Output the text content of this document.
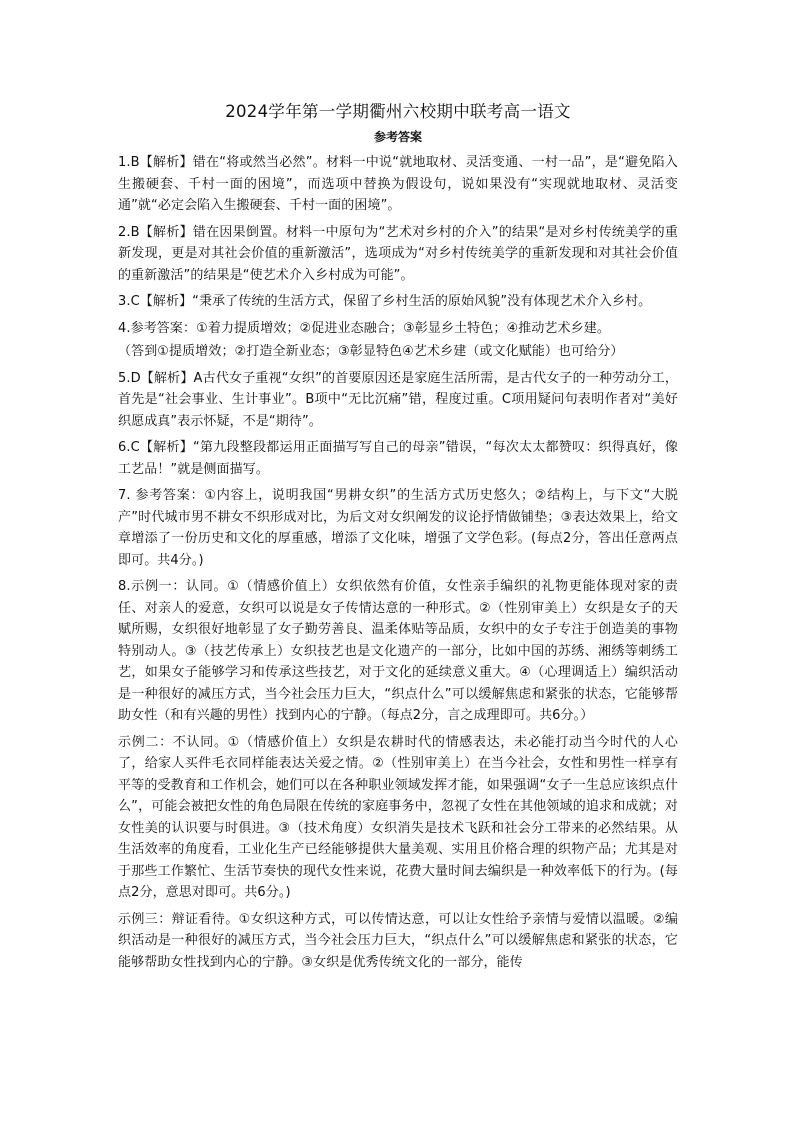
2024学年第一学期衢州六校期中联考高一语文
参考答案

1.B【解析】错在“将或然当必然”。材料一中说“就地取材、灵活变通、一村一品”，是“避免陷入生搬硬套、千村一面的困境”，而选项中替换为假设句，说如果没有“实现就地取材、灵活变通”就“必定会陷入生搬硬套、千村一面的困境”。

2.B【解析】错在因果倒置。材料一中原句为“艺术对乡村的介入”的结果“是对乡村传统美学的重新发现，更是对其社会价值的重新激活”，选项成为“对乡村传统美学的重新发现和对其社会价值的重新激活”的结果是“使艺术介入乡村成为可能”。

3.C【解析】“秉承了传统的生活方式，保留了乡村生活的原始风貌”没有体现艺术介入乡村。

4.参考答案：①着力提质增效；②促进业态融合；③彰显乡土特色；④推动艺术乡建。

（答到①提质增效；②打造全新业态；③彰显特色④艺术乡建（或文化赋能）也可给分）

5.D【解析】A古代女子重视“女织”的首要原因还是家庭生活所需，是古代女子的一种劳动分工，首先是“社会事业、生计事业”。B项中“无比沉痛”错，程度过重。C项用疑问句表明作者对“美好织愿成真”表示怀疑，不是“期待”。

6.C【解析】“第九段整段都运用正面描写写自己的母亲”错误，“每次太太都赞叹：织得真好，像工艺品！”就是侧面描写。

7. 参考答案：①内容上，说明我国“男耕女织”的生活方式历史悠久；②结构上，与下文“大脱产”时代城市男不耕女不织形成对比，为后文对女织阐发的议论抒情做铺垫；③表达效果上，给文章增添了一份历史和文化的厚重感，增添了文化味，增强了文学色彩。(每点2分，答出任意两点即可。共4分。)

8.示例一：认同。①（情感价值上）女织依然有价值，女性亲手编织的礼物更能体现对家的责任、对亲人的爱意，女织可以说是女子传情达意的一种形式。②（性别审美上）女织是女子的天赋所赐，女织很好地彰显了女子勤劳善良、温柔体贴等品质，女织中的女子专注于创造美的事物特别动人。③（技艺传承上）女织技艺也是文化遗产的一部分，比如中国的苏绣、湘绣等刺绣工艺，如果女子能够学习和传承这些技艺，对于文化的延续意义重大。④（心理调适上）编织活动是一种很好的减压方式，当今社会压力巨大，“织点什么”可以缓解焦虑和紧张的状态，它能够帮助女性（和有兴趣的男性）找到内心的宁静。（每点2分，言之成理即可。共6分。）

示例二：不认同。①（情感价值上）女织是农耕时代的情感表达，未必能打动当今时代的人心了，给家人买件毛衣同样能表达关爱之情。②（性别审美上）在当今社会，女性和男性一样享有平等的受教育和工作机会，她们可以在各种职业领域发挥才能，如果强调“女子一生总应该织点什么”，可能会被把女性的角色局限在传统的家庭事务中，忽视了女性在其他领域的追求和成就；对女性美的认识要与时俱进。③（技术角度）女织消失是技术飞跃和社会分工带来的必然结果。从生活效率的角度看，工业化生产已经能够提供大量美观、实用且价格合理的织物产品；尤其是对于那些工作繁忙、生活节奏快的现代女性来说，花费大量时间去编织是一种效率低下的行为。(每点2分，意思对即可。共6分。)

示例三：辩证看待。①女织这种方式，可以传情达意，可以让女性给予亲情与爱情以温暖。②编织活动是一种很好的减压方式，当今社会压力巨大，“织点什么”可以缓解焦虑和紧张的状态，它能够帮助女性找到内心的宁静。③女织是优秀传统文化的一部分，能传
